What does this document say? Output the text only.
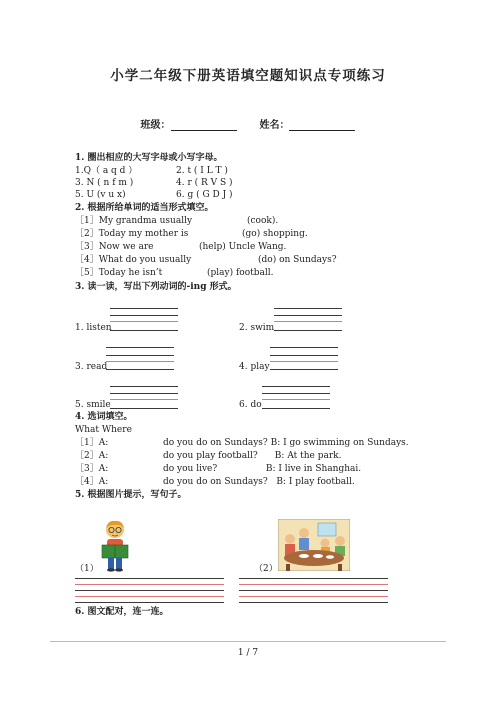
小学二年级下册英语填空题知识点专项练习
班级：	姓名：
1. 圈出相应的大写字母或小写字母。
1.Q（ a q d ）	2. t ( I L T )
3. N ( n f m )	4. r ( R V S )
5. U (v u x)	6. g ( G D J )
2. 根据所给单词的适当形式填空。
［1］My grandma usually	(cook).
［2］Today my mother is	(go) shopping.
［3］Now we are	(help) Uncle Wang.
［4］What do you usually	(do) on Sundays?
［5］Today he isn’t	(play) football.
3. 读一读，写出下列动词的-ing 形式。
1. listen	2. swim
3. read	4. play
5. smile	6. do
4. 选词填空。
What Where
［1］A:	do you do on Sundays? B: I go swimming on Sundays.
［2］A:	do you play football?      B: At the park.
［3］A:	do you live?                 B: I live in Shanghai.
［4］A:	do you do on Sundays?   B: I play football.
5. 根据图片提示，写句子。
（1）	（2）
6. 图文配对，连一连。
1 / 7
